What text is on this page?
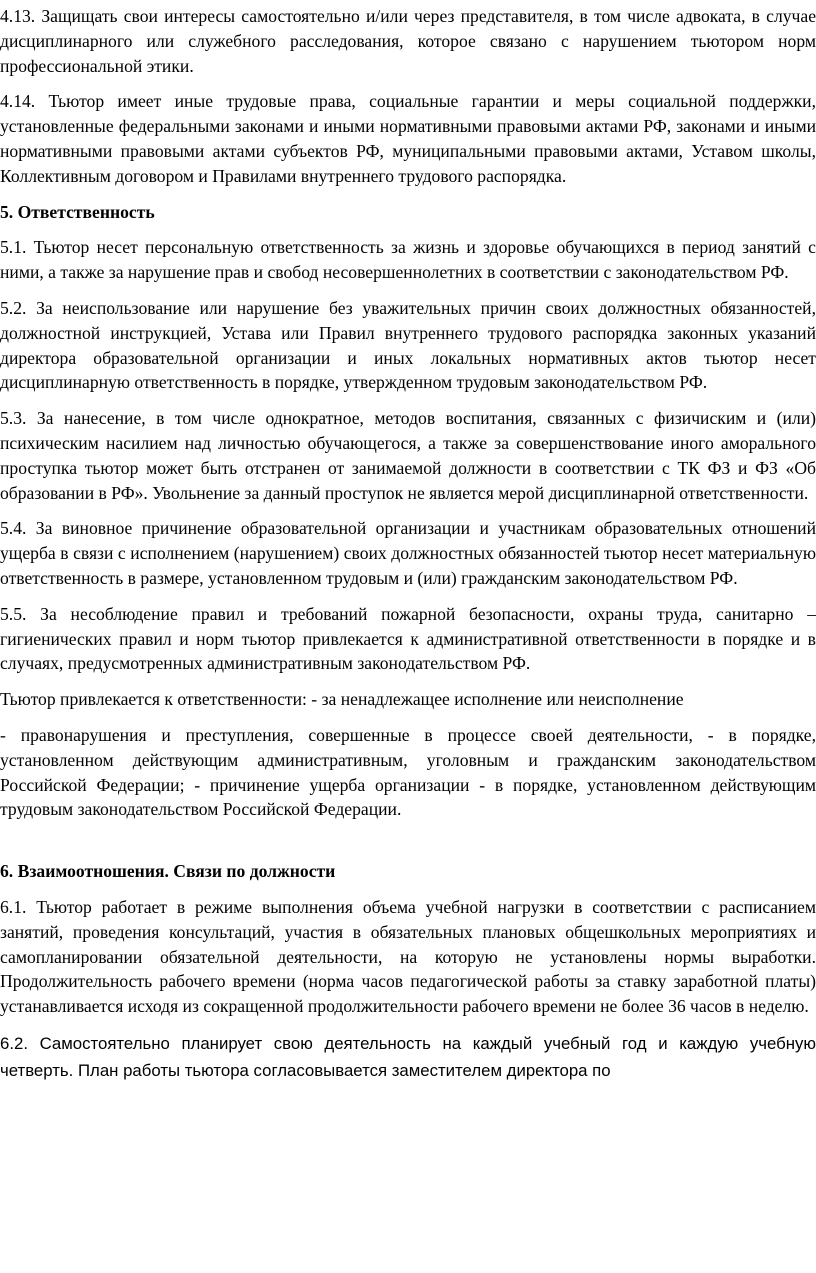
4.13. Защищать свои интересы самостоятельно и/или через представителя, в том числе адвоката, в случае дисциплинарного или служебного расследования, которое связано с нарушением тьютором норм профессиональной этики.

4.14. Тьютор имеет иные трудовые права, социальные гарантии и меры социальной поддержки, установленные федеральными законами и иными нормативными правовыми актами РФ, законами и иными нормативными правовыми актами субъектов РФ, муниципальными правовыми актами, Уставом школы, Коллективным договором и Правилами внутреннего трудового распорядка.

5. Ответственность

5.1. Тьютор несет персональную ответственность за жизнь и здоровье обучающихся в период занятий с ними, а также за нарушение прав и свобод несовершеннолетних в соответствии с законодательством РФ.

5.2. За неиспользование или нарушение без уважительных причин своих должностных обязанностей, должностной инструкцией, Устава или Правил внутреннего трудового распорядка законных указаний директора образовательной организации и иных локальных нормативных актов тьютор несет дисциплинарную ответственность в порядке, утвержденном трудовым законодательством РФ.

5.3. За нанесение, в том числе однократное, методов воспитания, связанных с физичиским и (или) психическим насилием над личностью обучающегося, а также за совершенствование иного аморального проступка тьютор может быть отстранен от занимаемой должности в соответствии с ТК ФЗ и ФЗ «Об образовании в РФ». Увольнение за данный проступок не является мерой дисциплинарной ответственности.

5.4. За виновное причинение образовательной организации и участникам образовательных отношений ущерба в связи с исполнением (нарушением) своих должностных обязанностей тьютор несет материальную ответственность в размере, установленном трудовым и (или) гражданским законодательством РФ.

5.5. За несоблюдение правил и требований пожарной безопасности, охраны труда, санитарно – гигиенических правил и норм тьютор привлекается к административной ответственности в порядке и в случаях, предусмотренных административным законодательством РФ.

Тьютор привлекается к ответственности: - за ненадлежащее исполнение или неисполнение

- правонарушения и преступления, совершенные в процессе своей деятельности, - в порядке, установленном действующим административным, уголовным и гражданским законодательством Российской Федерации; - причинение ущерба организации - в порядке, установленном действующим трудовым законодательством Российской Федерации.

6. Взаимоотношения. Связи по должности

6.1. Тьютор работает в режиме выполнения объема учебной нагрузки в соответствии с расписанием занятий, проведения консультаций, участия в обязательных плановых общешкольных мероприятиях и самопланировании обязательной деятельности, на которую не установлены нормы выработки. Продолжительность рабочего времени (норма часов педагогической работы за ставку заработной платы) устанавливается исходя из сокращенной продолжительности рабочего времени не более 36 часов в неделю.

6.2. Самостоятельно планирует свою деятельность на каждый учебный год и каждую учебную четверть. План работы тьютора согласовывается заместителем директора по
